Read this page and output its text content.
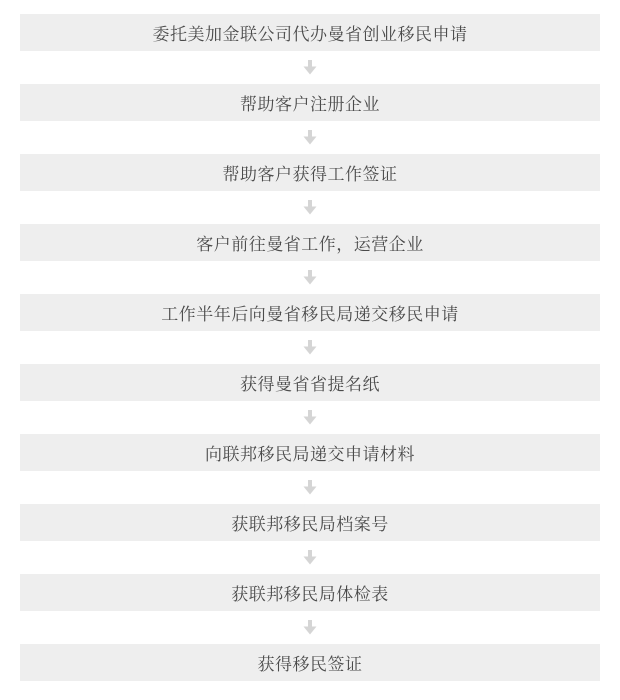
委托美加金联公司代办曼省创业移民申请
帮助客户注册企业
帮助客户获得工作签证
客户前往曼省工作，运营企业
工作半年后向曼省移民局递交移民申请
获得曼省省提名纸
向联邦移民局递交申请材料
获联邦移民局档案号
获联邦移民局体检表
获得移民签证
